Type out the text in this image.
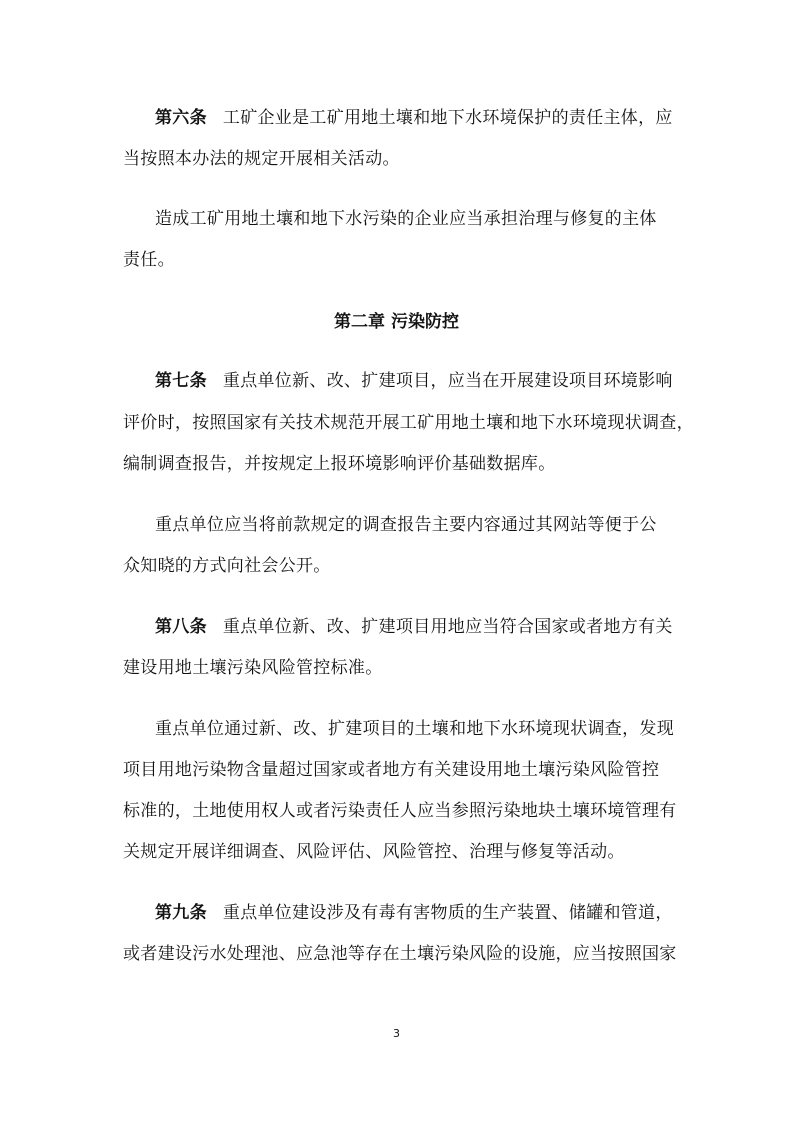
第六条 工矿企业是工矿用地土壤和地下水环境保护的责任主体，应
当按照本办法的规定开展相关活动。
造成工矿用地土壤和地下水污染的企业应当承担治理与修复的主体
责任。
第二章 污染防控
第七条 重点单位新、改、扩建项目，应当在开展建设项目环境影响
评价时，按照国家有关技术规范开展工矿用地土壤和地下水环境现状调查，
编制调查报告，并按规定上报环境影响评价基础数据库。
重点单位应当将前款规定的调查报告主要内容通过其网站等便于公
众知晓的方式向社会公开。
第八条 重点单位新、改、扩建项目用地应当符合国家或者地方有关
建设用地土壤污染风险管控标准。
重点单位通过新、改、扩建项目的土壤和地下水环境现状调查，发现
项目用地污染物含量超过国家或者地方有关建设用地土壤污染风险管控
标准的，土地使用权人或者污染责任人应当参照污染地块土壤环境管理有
关规定开展详细调查、风险评估、风险管控、治理与修复等活动。
第九条 重点单位建设涉及有毒有害物质的生产装置、储罐和管道，
或者建设污水处理池、应急池等存在土壤污染风险的设施，应当按照国家
3
